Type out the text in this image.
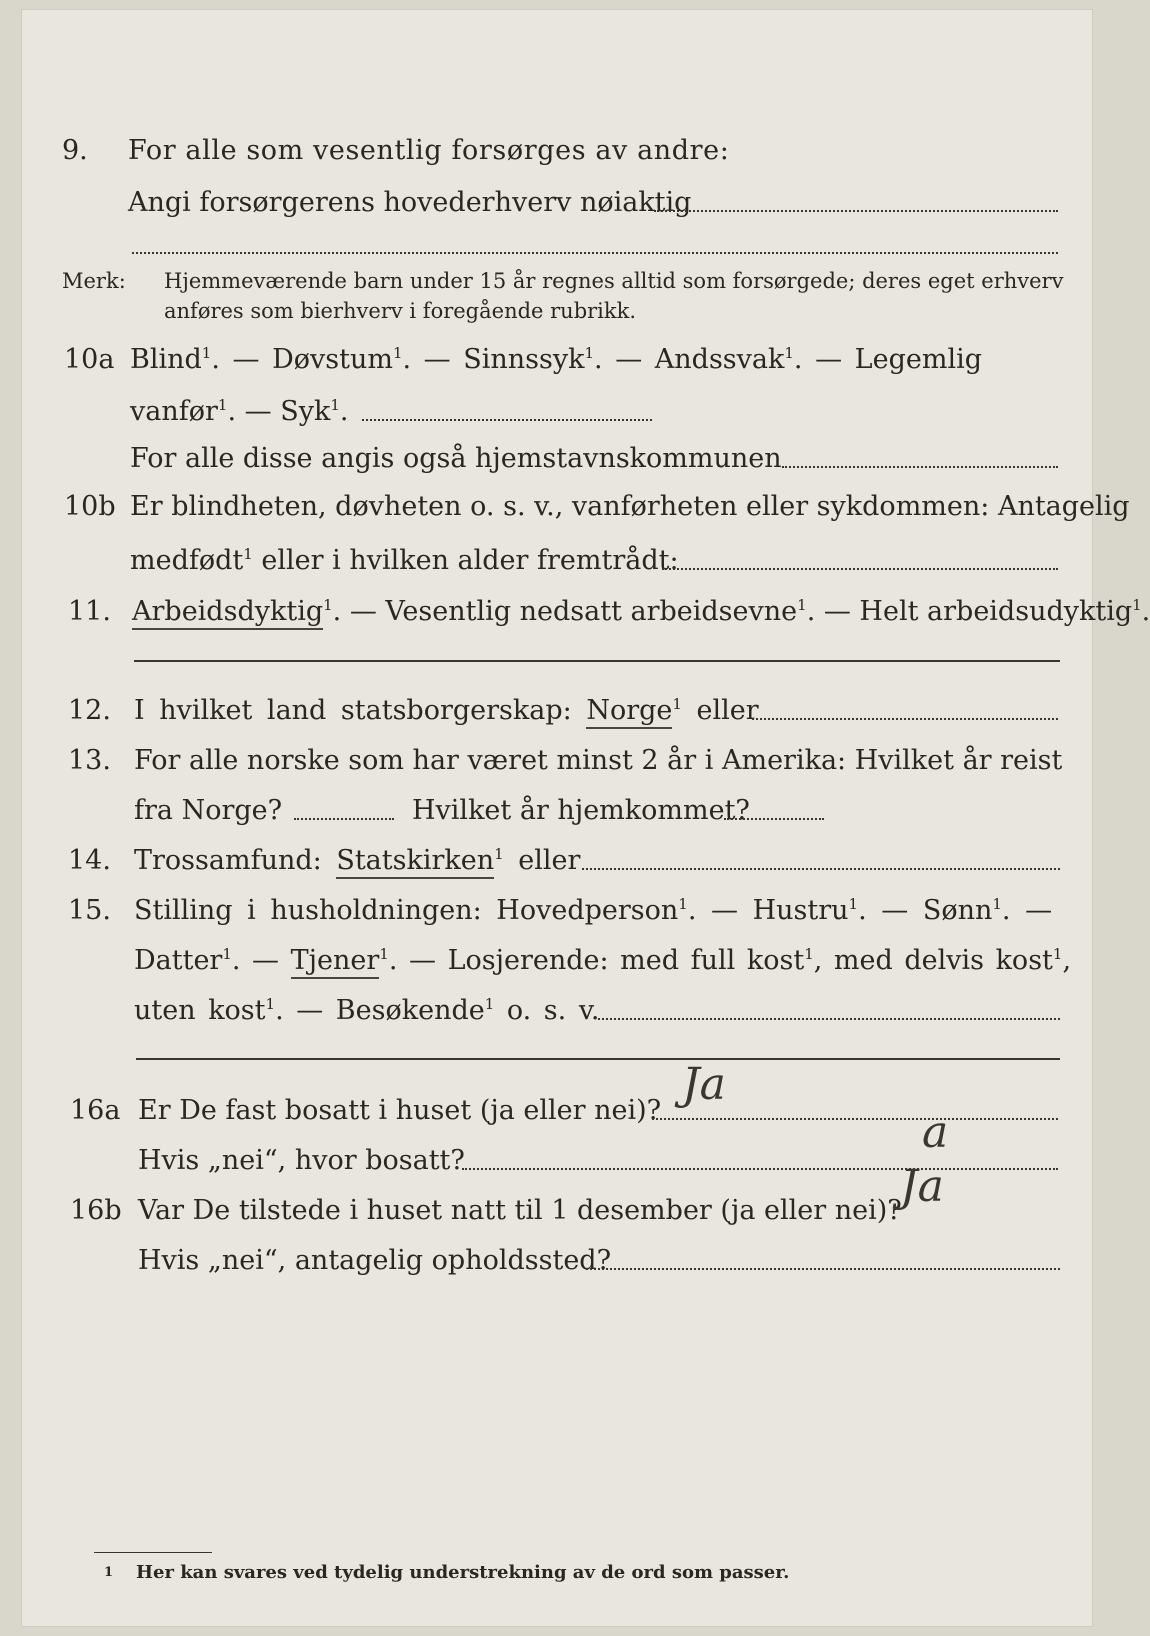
9. For alle som vesentlig forsørges av andre:
Angi forsørgerens hovederhverv nøiaktig
Merk: Hjemmeværende barn under 15 år regnes alltid som forsørgede; deres eget erhverv
anføres som bierhverv i foregående rubrikk.
10a Blind$^1$. — Døvstum$^1$. — Sinnssyk$^1$. — Andssvak$^1$. — Legemlig
vanfør$^1$. — Syk$^1$.
For alle disse angis også hjemstavnskommunen
10b Er blindheten, døvheten o. s. v., vanførheten eller sykdommen: Antagelig
medfødt$^1$ eller i hvilken alder fremtrådt:
11. Arbeidsdyktig$^1$. — Vesentlig nedsatt arbeidsevne$^1$. — Helt arbeidsudyktig$^1$.
12. I hvilket land statsborgerskap: Norge$^1$ eller
13. For alle norske som har været minst 2 år i Amerika: Hvilket år reist
fra Norge?	Hvilket år hjemkommet?
14. Trossamfund: Statskirken$^1$ eller
15. Stilling i husholdningen: Hovedperson$^1$. — Hustru$^1$. — Sønn$^1$. —
Datter$^1$. — Tjener$^1$. — Losjerende: med full kost$^1$, med delvis kost$^1$,
uten kost$^1$. — Besøkende$^1$ o. s. v.
16a Er De fast bosatt i huset (ja eller nei)?
Ja
Hvis „nei“, hvor bosatt?
a
16b Var De tilstede i huset natt til 1 desember (ja eller nei)?
Ja
Hvis „nei“, antagelig opholdssted?
1 Her kan svares ved tydelig understrekning av de ord som passer.
